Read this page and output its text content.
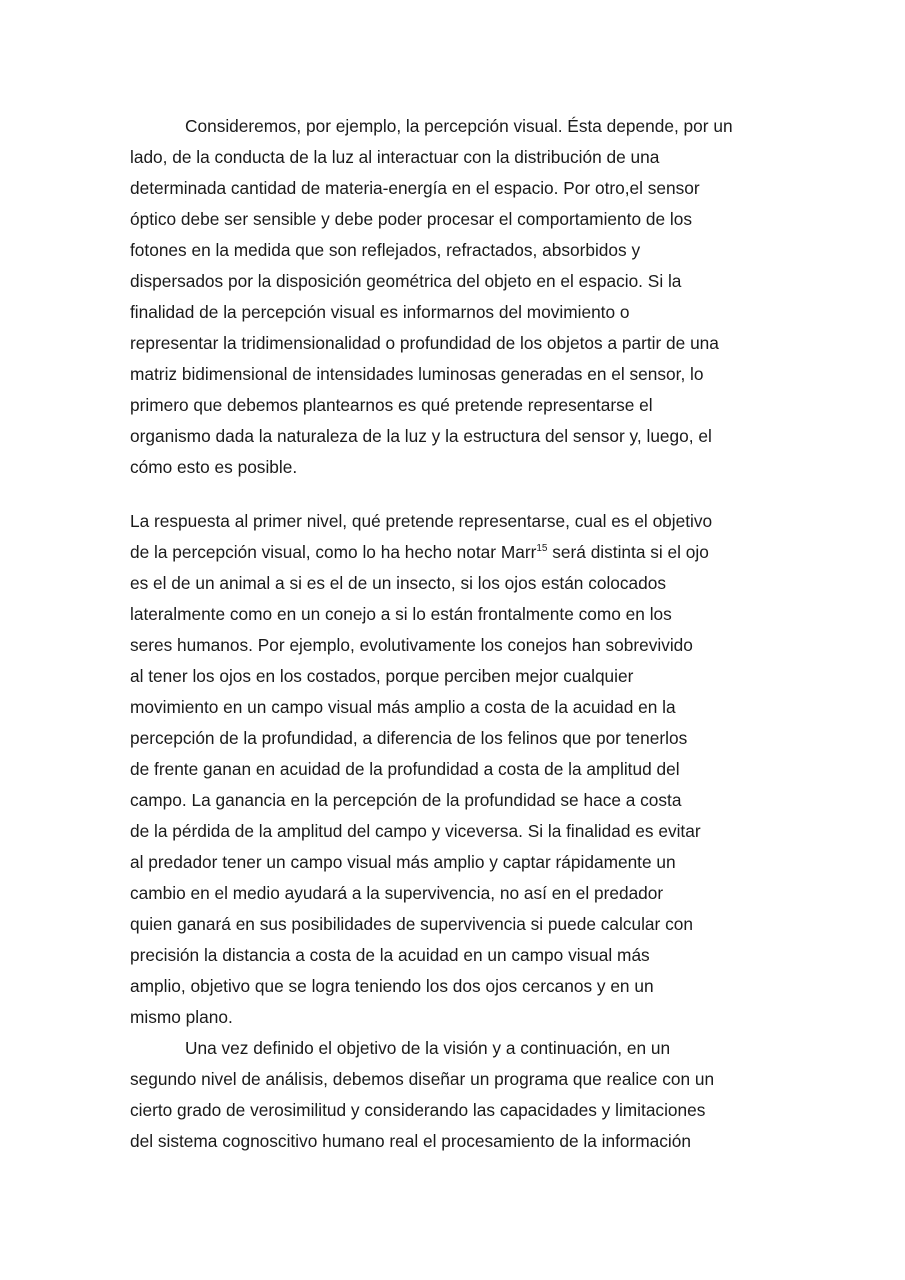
Consideremos, por ejemplo, la percepción visual. Ésta depende, por un
lado, de la conducta de la luz al interactuar con la distribución de una
determinada cantidad de materia-energía en el espacio. Por otro,el sensor
óptico debe ser sensible y debe poder procesar el comportamiento de los
fotones en la medida que son reflejados, refractados, absorbidos y
dispersados por la disposición geométrica del objeto en el espacio. Si la
finalidad de la percepción visual es informarnos del movimiento o
representar la tridimensionalidad o profundidad de los objetos a partir de una
matriz bidimensional de intensidades luminosas generadas en el sensor, lo
primero que debemos plantearnos es qué pretende representarse el
organismo dada la naturaleza de la luz y la estructura del sensor y, luego, el
cómo esto es posible.
La respuesta al primer nivel, qué pretende representarse, cual es el objetivo
de la percepción visual, como lo ha hecho notar Marr$^{15}$ será distinta si el ojo
es el de un animal a si es el de un insecto, si los ojos están colocados
lateralmente como en un conejo a si lo están frontalmente como en los
seres humanos. Por ejemplo, evolutivamente los conejos han sobrevivido
al tener los ojos en los costados, porque perciben mejor cualquier
movimiento en un campo visual más amplio a costa de la acuidad en la
percepción de la profundidad, a diferencia de los felinos que por tenerlos
de frente ganan en acuidad de la profundidad a costa de la amplitud del
campo. La ganancia en la percepción de la profundidad se hace a costa
de la pérdida de la amplitud del campo y viceversa. Si la finalidad es evitar
al predador tener un campo visual más amplio y captar rápidamente un
cambio en el medio ayudará a la supervivencia, no así en el predador
quien ganará en sus posibilidades de supervivencia si puede calcular con
precisión la distancia a costa de la acuidad en un campo visual más
amplio, objetivo que se logra teniendo los dos ojos cercanos y en un
mismo plano.
Una vez definido el objetivo de la visión y a continuación, en un
segundo nivel de análisis, debemos diseñar un programa que realice con un
cierto grado de verosimilitud y considerando las capacidades y limitaciones
del sistema cognoscitivo humano real el procesamiento de la información
